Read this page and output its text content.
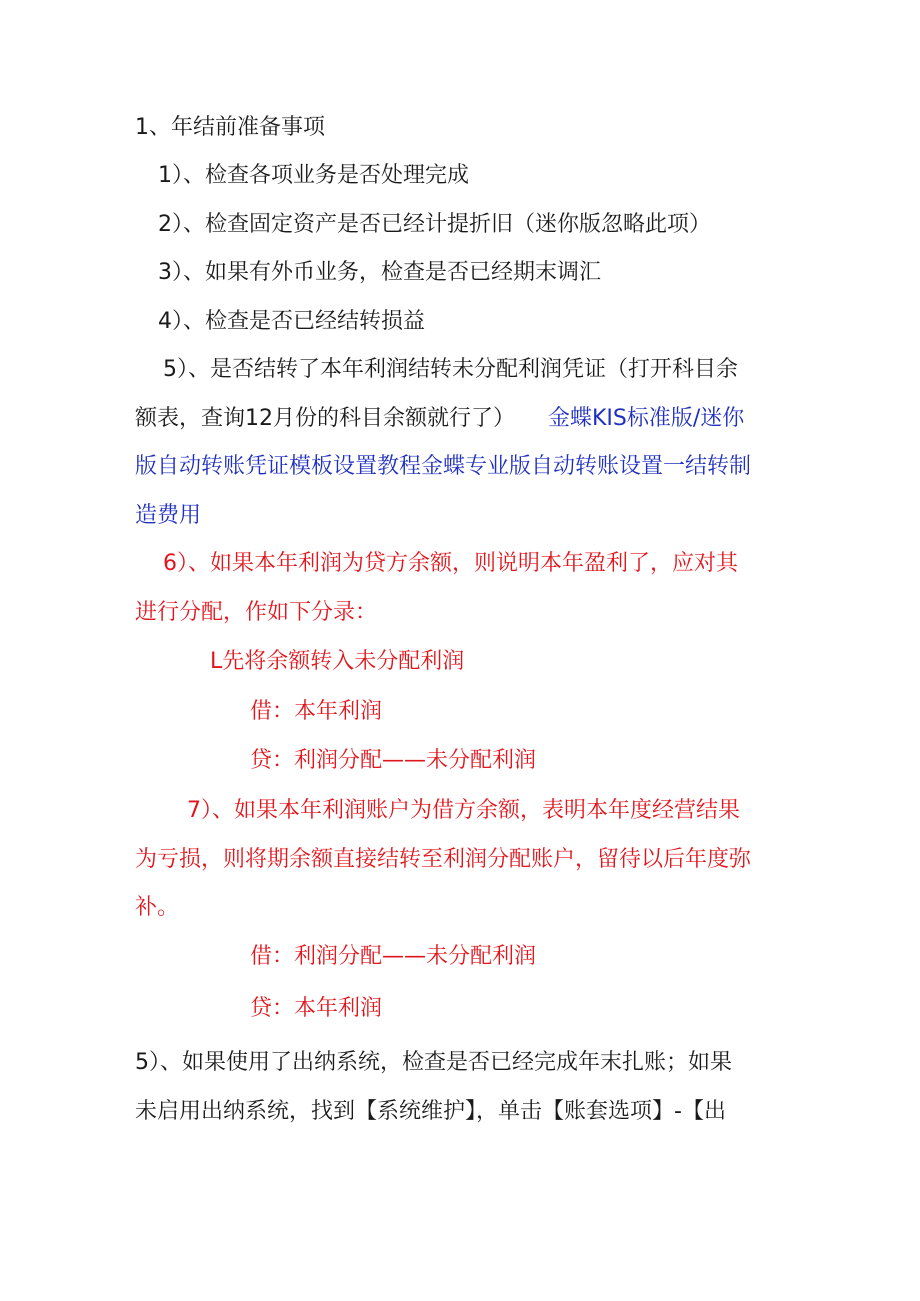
1、年结前准备事项
1）、检查各项业务是否处理完成
2）、检查固定资产是否已经计提折旧（迷你版忽略此项）
3）、如果有外币业务，检查是否已经期末调汇
4）、检查是否已经结转损益
5）、是否结转了本年利润结转未分配利润凭证（打开科目余
额表，查询12月份的科目余额就行了） 金蝶KIS标准版/迷你
版自动转账凭证模板设置教程金蝶专业版自动转账设置一结转制
造费用
6）、如果本年利润为贷方余额，则说明本年盈利了，应对其
进行分配，作如下分录：
L先将余额转入未分配利润
借：本年利润
贷：利润分配——未分配利润
7）、如果本年利润账户为借方余额，表明本年度经营结果
为亏损，则将期余额直接结转至利润分配账户，留待以后年度弥
补。
借：利润分配——未分配利润
贷：本年利润
5）、如果使用了出纳系统，检查是否已经完成年末扎账；如果
未启用出纳系统，找到【系统维护】，单击【账套选项】-【出
